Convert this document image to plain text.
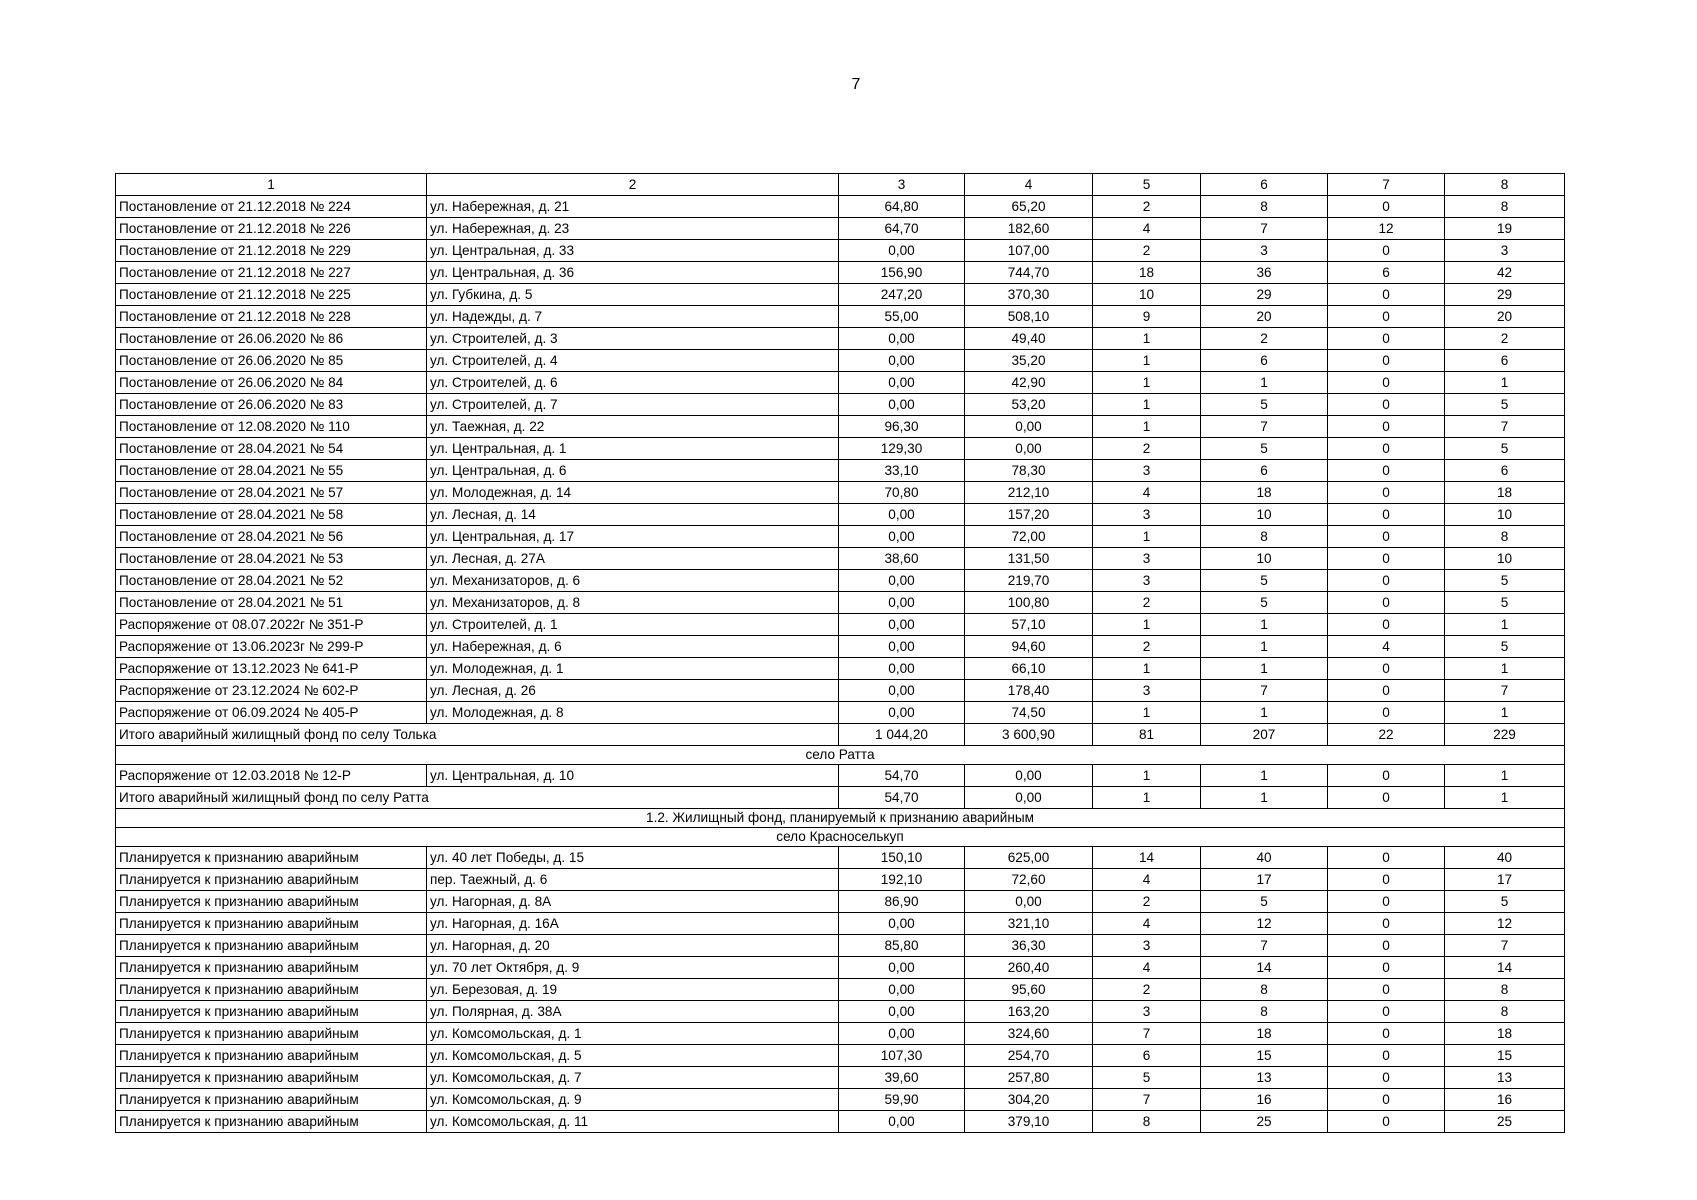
7
1	2	3	4	5	6	7	8
Постановление от 21.12.2018 № 224	ул. Набережная, д. 21	64,80	65,20	2	8	0	8
Постановление от 21.12.2018 № 226	ул. Набережная, д. 23	64,70	182,60	4	7	12	19
Постановление от 21.12.2018 № 229	ул. Центральная, д. 33	0,00	107,00	2	3	0	3
Постановление от 21.12.2018 № 227	ул. Центральная, д. 36	156,90	744,70	18	36	6	42
Постановление от 21.12.2018 № 225	ул. Губкина, д. 5	247,20	370,30	10	29	0	29
Постановление от 21.12.2018 № 228	ул. Надежды, д. 7	55,00	508,10	9	20	0	20
Постановление от 26.06.2020 № 86	ул. Строителей, д. 3	0,00	49,40	1	2	0	2
Постановление от 26.06.2020 № 85	ул. Строителей, д. 4	0,00	35,20	1	6	0	6
Постановление от 26.06.2020 № 84	ул. Строителей, д. 6	0,00	42,90	1	1	0	1
Постановление от 26.06.2020 № 83	ул. Строителей, д. 7	0,00	53,20	1	5	0	5
Постановление от 12.08.2020 № 110	ул. Таежная, д. 22	96,30	0,00	1	7	0	7
Постановление от 28.04.2021 № 54	ул. Центральная, д. 1	129,30	0,00	2	5	0	5
Постановление от 28.04.2021 № 55	ул. Центральная, д. 6	33,10	78,30	3	6	0	6
Постановление от 28.04.2021 № 57	ул. Молодежная, д. 14	70,80	212,10	4	18	0	18
Постановление от 28.04.2021 № 58	ул. Лесная, д. 14	0,00	157,20	3	10	0	10
Постановление от 28.04.2021 № 56	ул. Центральная, д. 17	0,00	72,00	1	8	0	8
Постановление от 28.04.2021 № 53	ул. Лесная, д. 27А	38,60	131,50	3	10	0	10
Постановление от 28.04.2021 № 52	ул. Механизаторов, д. 6	0,00	219,70	3	5	0	5
Постановление от 28.04.2021 № 51	ул. Механизаторов, д. 8	0,00	100,80	2	5	0	5
Распоряжение от 08.07.2022г № 351-Р	ул. Строителей, д. 1	0,00	57,10	1	1	0	1
Распоряжение от 13.06.2023г № 299-Р	ул. Набережная, д. 6	0,00	94,60	2	1	4	5
Распоряжение от 13.12.2023 № 641-Р	ул. Молодежная, д. 1	0,00	66,10	1	1	0	1
Распоряжение от 23.12.2024 № 602-Р	ул. Лесная, д. 26	0,00	178,40	3	7	0	7
Распоряжение от 06.09.2024 № 405-Р	ул. Молодежная, д. 8	0,00	74,50	1	1	0	1
Итого аварийный жилищный фонд по селу Толька		1 044,20	3 600,90	81	207	22	229
село Ратта							
Распоряжение от 12.03.2018 № 12-Р	ул. Центральная, д. 10	54,70	0,00	1	1	0	1
Итого аварийный жилищный фонд по селу Ратта		54,70	0,00	1	1	0	1
1.2. Жилищный фонд, планируемый к признанию аварийным							
село Красноселькуп							
Планируется к признанию аварийным	ул. 40 лет Победы, д. 15	150,10	625,00	14	40	0	40
Планируется к признанию аварийным	пер. Таежный, д. 6	192,10	72,60	4	17	0	17
Планируется к признанию аварийным	ул. Нагорная, д. 8А	86,90	0,00	2	5	0	5
Планируется к признанию аварийным	ул. Нагорная, д. 16А	0,00	321,10	4	12	0	12
Планируется к признанию аварийным	ул. Нагорная, д. 20	85,80	36,30	3	7	0	7
Планируется к признанию аварийным	ул. 70 лет Октября, д. 9	0,00	260,40	4	14	0	14
Планируется к признанию аварийным	ул. Березовая, д. 19	0,00	95,60	2	8	0	8
Планируется к признанию аварийным	ул. Полярная, д. 38А	0,00	163,20	3	8	0	8
Планируется к признанию аварийным	ул. Комсомольская, д. 1	0,00	324,60	7	18	0	18
Планируется к признанию аварийным	ул. Комсомольская, д. 5	107,30	254,70	6	15	0	15
Планируется к признанию аварийным	ул. Комсомольская, д. 7	39,60	257,80	5	13	0	13
Планируется к признанию аварийным	ул. Комсомольская, д. 9	59,90	304,20	7	16	0	16
Планируется к признанию аварийным	ул. Комсомольская, д. 11	0,00	379,10	8	25	0	25
